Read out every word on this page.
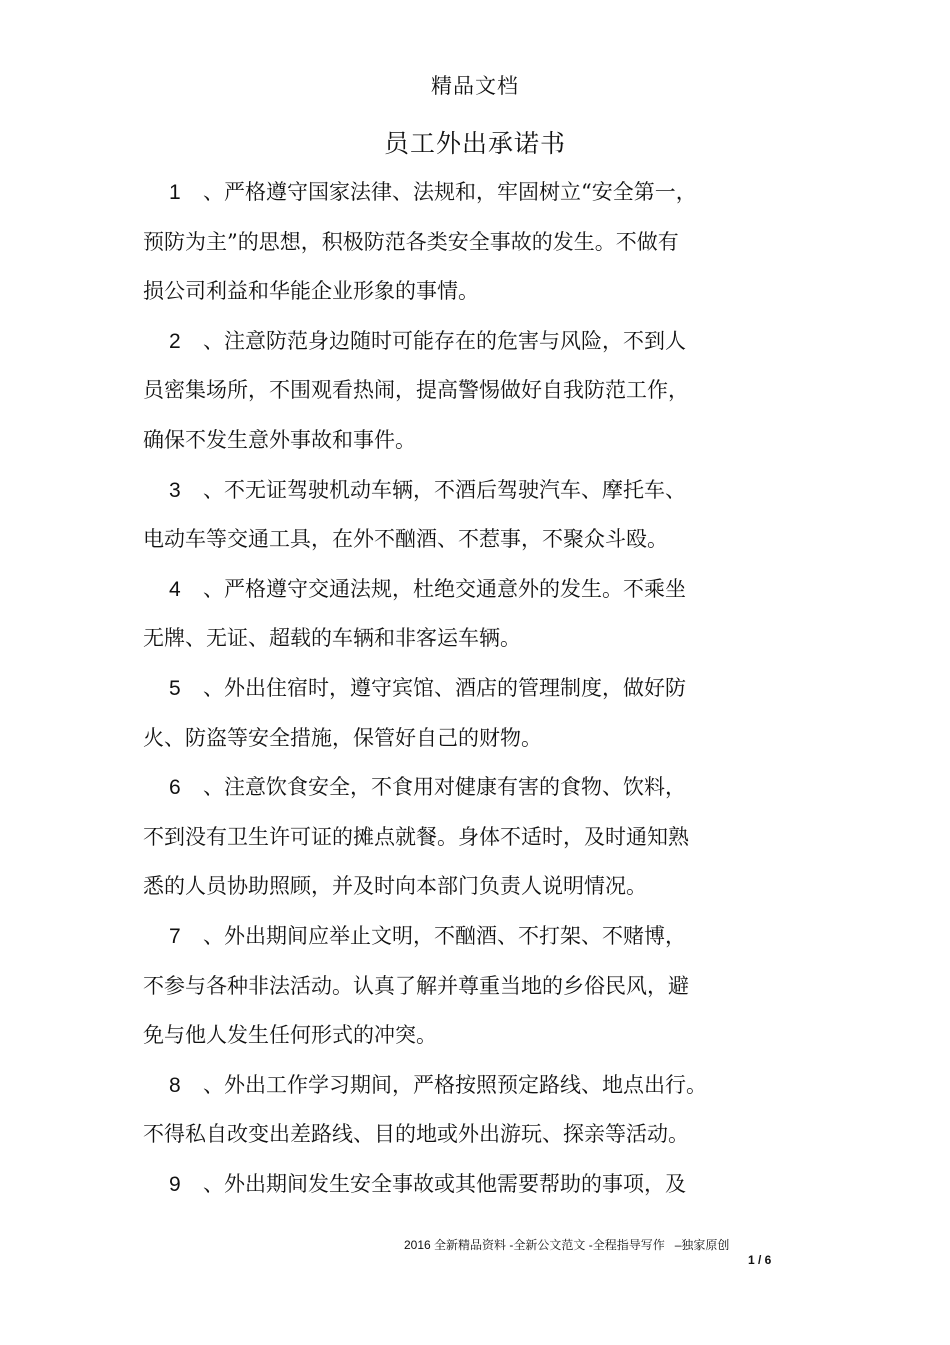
精品文档
员工外出承诺书
1 、严格遵守国家法律、法规和，牢固树立“安全第一，
预防为主”的思想，积极防范各类安全事故的发生。不做有
损公司利益和华能企业形象的事情。
2 、注意防范身边随时可能存在的危害与风险，不到人
员密集场所，不围观看热闹，提高警惕做好自我防范工作，
确保不发生意外事故和事件。
3 、不无证驾驶机动车辆，不酒后驾驶汽车、摩托车、
电动车等交通工具，在外不酗酒、不惹事，不聚众斗殴。
4 、严格遵守交通法规，杜绝交通意外的发生。不乘坐
无牌、无证、超载的车辆和非客运车辆。
5 、外出住宿时，遵守宾馆、酒店的管理制度，做好防
火、防盗等安全措施，保管好自己的财物。
6 、注意饮食安全，不食用对健康有害的食物、饮料，
不到没有卫生许可证的摊点就餐。身体不适时，及时通知熟
悉的人员协助照顾，并及时向本部门负责人说明情况。
7 、外出期间应举止文明，不酗酒、不打架、不赌博，
不参与各种非法活动。认真了解并尊重当地的乡俗民风，避
免与他人发生任何形式的冲突。
8 、外出工作学习期间，严格按照预定路线、地点出行。
不得私自改变出差路线、目的地或外出游玩、探亲等活动。
9 、外出期间发生安全事故或其他需要帮助的事项，及
2016 全新精品资料 -全新公文范文 -全程指导写作   –独家原创
1 / 6
